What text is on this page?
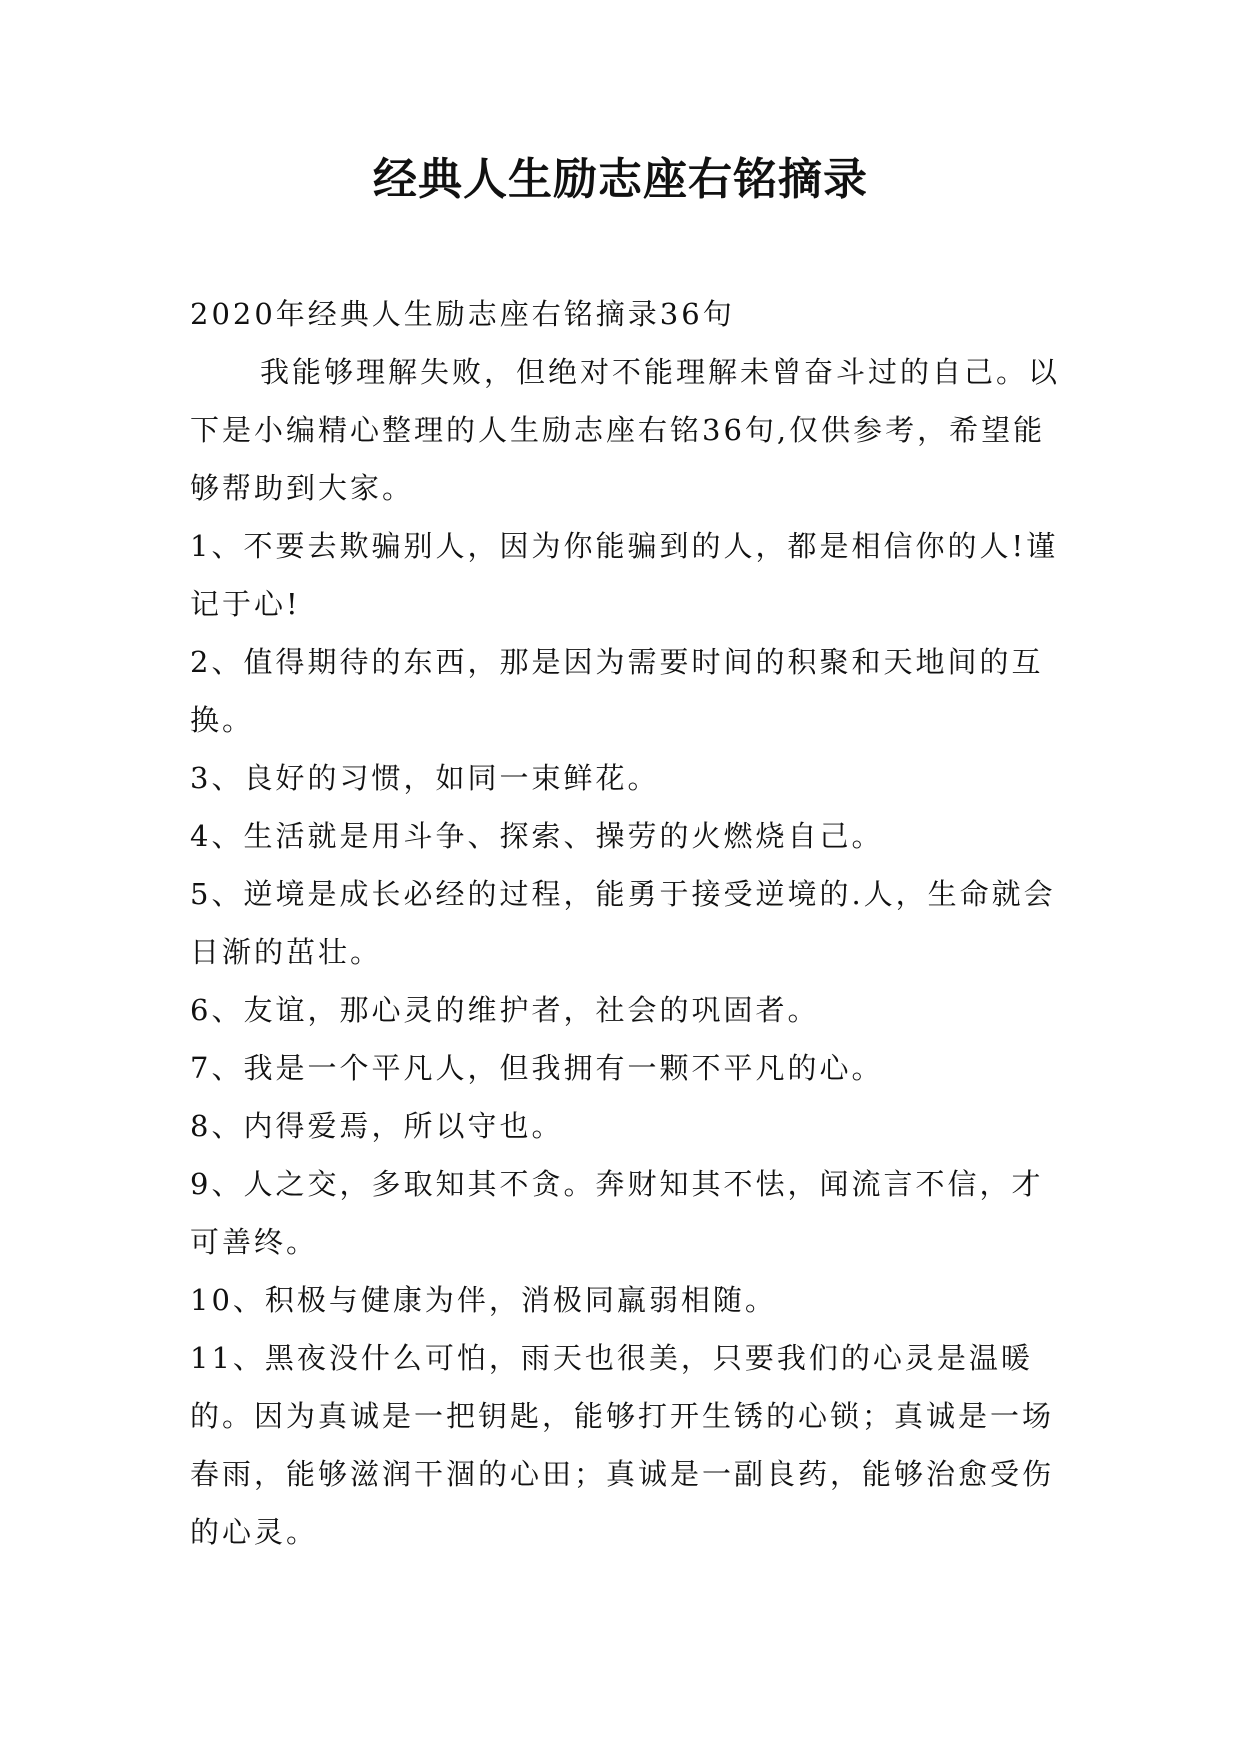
经典人生励志座右铭摘录

2020年经典人生励志座右铭摘录36句

我能够理解失败，但绝对不能理解未曾奋斗过的自己。以下是小编精心整理的人生励志座右铭36句,仅供参考，希望能够帮助到大家。

1、不要去欺骗别人，因为你能骗到的人，都是相信你的人!谨记于心!

2、值得期待的东西，那是因为需要时间的积聚和天地间的互换。

3、良好的习惯，如同一束鲜花。

4、生活就是用斗争、探索、操劳的火燃烧自己。

5、逆境是成长必经的过程，能勇于接受逆境的.人，生命就会日渐的茁壮。

6、友谊，那心灵的维护者，社会的巩固者。

7、我是一个平凡人，但我拥有一颗不平凡的心。

8、内得爱焉，所以守也。

9、人之交，多取知其不贪。奔财知其不怯，闻流言不信，才可善终。

10、积极与健康为伴，消极同羸弱相随。

11、黑夜没什么可怕，雨天也很美，只要我们的心灵是温暖的。因为真诚是一把钥匙，能够打开生锈的心锁；真诚是一场春雨，能够滋润干涸的心田；真诚是一副良药，能够治愈受伤的心灵。
